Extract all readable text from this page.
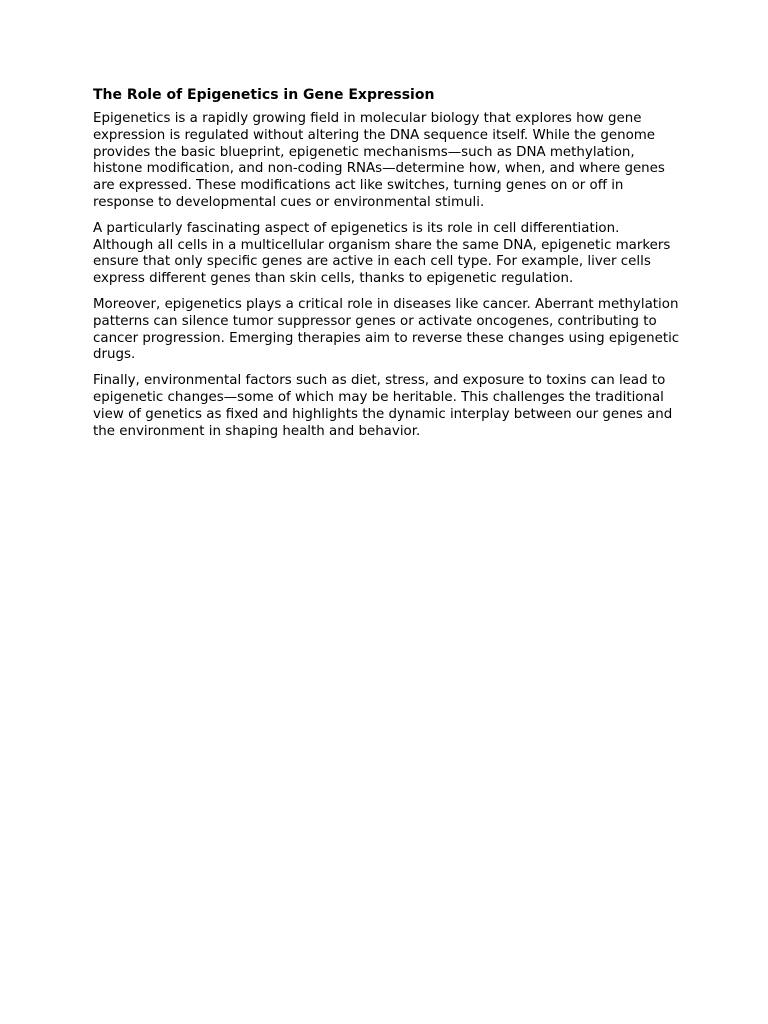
The Role of Epigenetics in Gene Expression

Epigenetics is a rapidly growing field in molecular biology that explores how gene expression is regulated without altering the DNA sequence itself. While the genome provides the basic blueprint, epigenetic mechanisms—such as DNA methylation, histone modification, and non-coding RNAs—determine how, when, and where genes are expressed. These modifications act like switches, turning genes on or off in response to developmental cues or environmental stimuli.

A particularly fascinating aspect of epigenetics is its role in cell differentiation. Although all cells in a multicellular organism share the same DNA, epigenetic markers ensure that only specific genes are active in each cell type. For example, liver cells express different genes than skin cells, thanks to epigenetic regulation.

Moreover, epigenetics plays a critical role in diseases like cancer. Aberrant methylation patterns can silence tumor suppressor genes or activate oncogenes, contributing to cancer progression. Emerging therapies aim to reverse these changes using epigenetic drugs.

Finally, environmental factors such as diet, stress, and exposure to toxins can lead to epigenetic changes—some of which may be heritable. This challenges the traditional view of genetics as fixed and highlights the dynamic interplay between our genes and the environment in shaping health and behavior.
